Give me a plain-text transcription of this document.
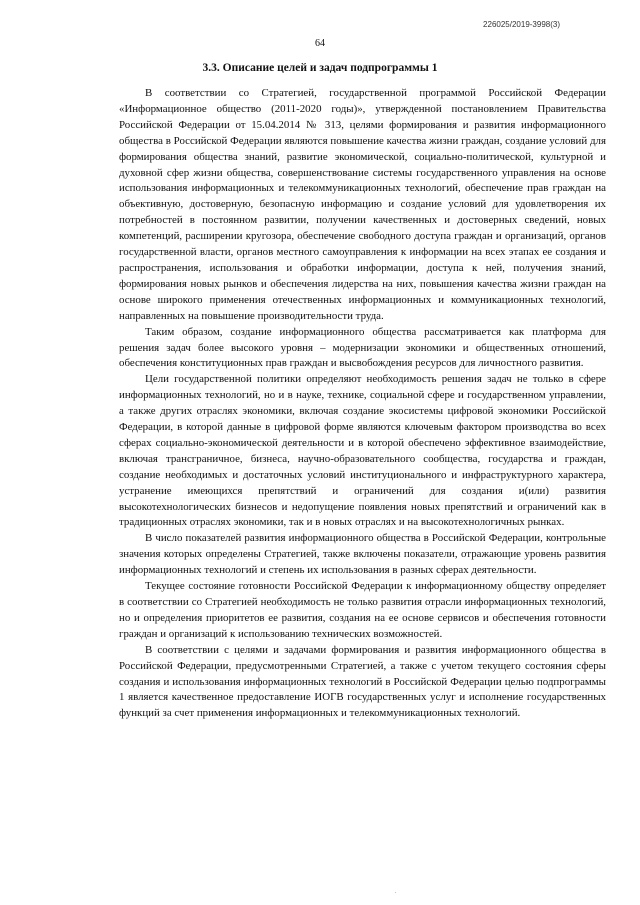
226025/2019-3998(3)
64
3.3. Описание целей и задач подпрограммы 1

В соответствии со Стратегией, государственной программой Российской Федерации «Информационное общество (2011-2020 годы)», утвержденной постановлением Правительства Российской Федерации от 15.04.2014 № 313, целями формирования и развития информационного общества в Российской Федерации являются повышение качества жизни граждан, создание условий для формирования общества знаний, развитие экономической, социально-политической, культурной и духовной сфер жизни общества, совершенствование системы государственного управления на основе использования информационных и телекоммуникационных технологий, обеспечение прав граждан на объективную, достоверную, безопасную информацию и создание условий для удовлетворения их потребностей в постоянном развитии, получении качественных и достоверных сведений, новых компетенций, расширении кругозора, обеспечение свободного доступа граждан и организаций, органов государственной власти, органов местного самоуправления к информации на всех этапах ее создания и распространения, использования и обработки информации, доступа к ней, получения знаний, формирования новых рынков и обеспечения лидерства на них, повышения качества жизни граждан на основе широкого применения отечественных информационных и коммуникационных технологий, направленных на повышение производительности труда.

Таким образом, создание информационного общества рассматривается как платформа для решения задач более высокого уровня – модернизации экономики и общественных отношений, обеспечения конституционных прав граждан и высвобождения ресурсов для личностного развития.

Цели государственной политики определяют необходимость решения задач не только в сфере информационных технологий, но и в науке, технике, социальной сфере и государственном управлении, а также других отраслях экономики, включая создание экосистемы цифровой экономики Российской Федерации, в которой данные в цифровой форме являются ключевым фактором производства во всех сферах социально-экономической деятельности и в которой обеспечено эффективное взаимодействие, включая трансграничное, бизнеса, научно-образовательного сообщества, государства и граждан, создание необходимых и достаточных условий институционального и инфраструктурного характера, устранение имеющихся препятствий и ограничений для создания и(или) развития высокотехнологических бизнесов и недопущение появления новых препятствий и ограничений как в традиционных отраслях экономики, так и в новых отраслях и на высокотехнологичных рынках.

В число показателей развития информационного общества в Российской Федерации, контрольные значения которых определены Стратегией, также включены показатели, отражающие уровень развития информационных технологий и степень их использования в разных сферах деятельности.

Текущее состояние готовности Российской Федерации к информационному обществу определяет в соответствии со Стратегией необходимость не только развития отрасли информационных технологий, но и определения приоритетов ее развития, создания на ее основе сервисов и обеспечения готовности граждан и организаций к использованию технических возможностей.

В соответствии с целями и задачами формирования и развития информационного общества в Российской Федерации, предусмотренными Стратегией, а также с учетом текущего состояния сферы создания и использования информационных технологий в Российской Федерации целью подпрограммы 1 является качественное предоставление ИОГВ государственных услуг и исполнение государственных функций за счет применения информационных и телекоммуникационных технологий.

.
